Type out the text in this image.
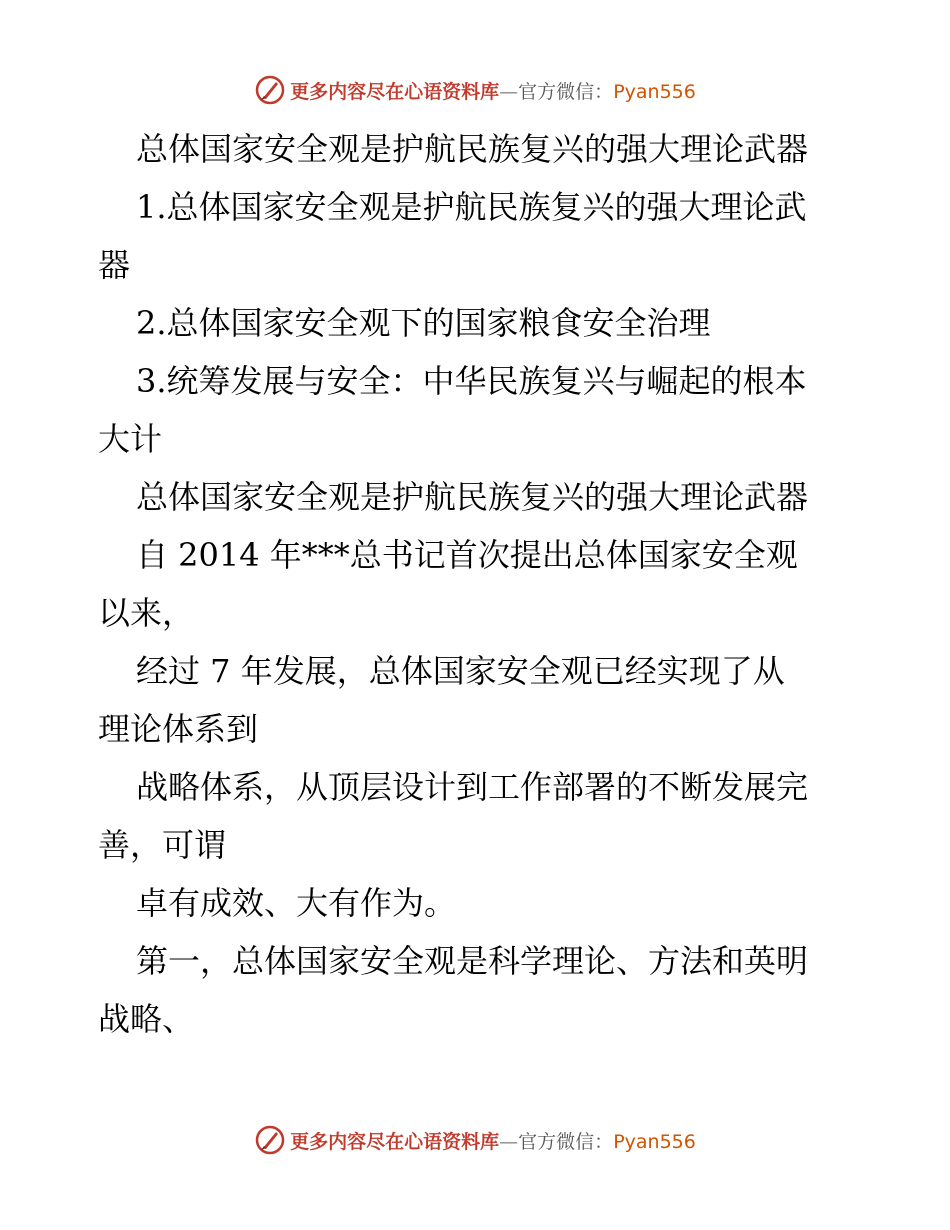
更多内容尽在心语资料库—官方微信：Pyan556
总体国家安全观是护航民族复兴的强大理论武器
1.总体国家安全观是护航民族复兴的强大理论武
器
2.总体国家安全观下的国家粮食安全治理
3.统筹发展与安全：中华民族复兴与崛起的根本
大计
总体国家安全观是护航民族复兴的强大理论武器
自 2014 年***总书记首次提出总体国家安全观
以来，
经过 7 年发展，总体国家安全观已经实现了从
理论体系到
战略体系，从顶层设计到工作部署的不断发展完
善，可谓
卓有成效、大有作为。
第一，总体国家安全观是科学理论、方法和英明
战略、
更多内容尽在心语资料库—官方微信：Pyan556
